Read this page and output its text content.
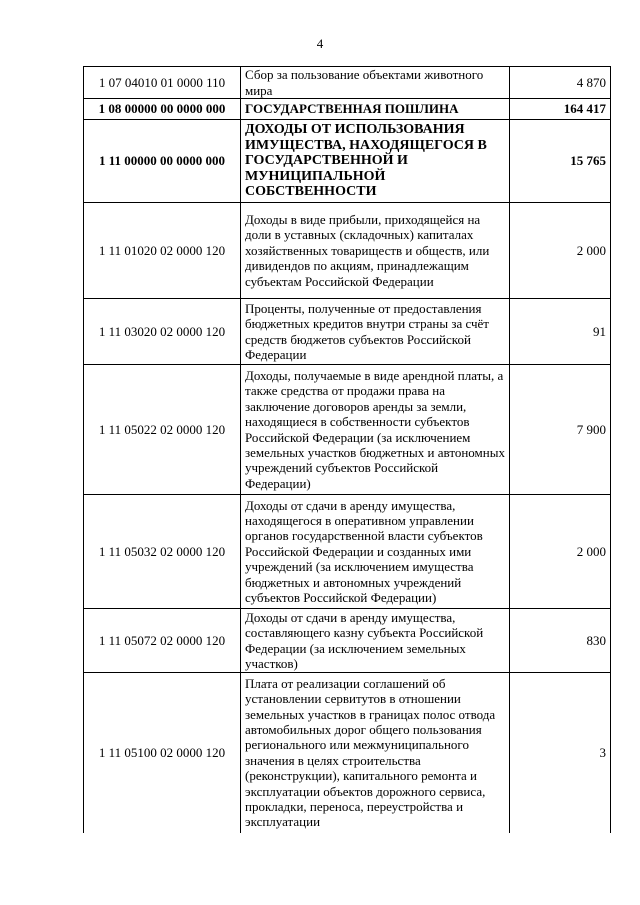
4
1 07 04010 01 0000 110	Сбор за пользование объектами животного мира	4 870
1 08 00000 00 0000 000	ГОСУДАРСТВЕННАЯ ПОШЛИНА	164 417
1 11 00000 00 0000 000	ДОХОДЫ ОТ ИСПОЛЬЗОВАНИЯ ИМУЩЕСТВА, НАХОДЯЩЕГОСЯ В ГОСУДАРСТВЕННОЙ И МУНИЦИПАЛЬНОЙ СОБСТВЕННОСТИ	15 765
1 11 01020 02 0000 120	Доходы в виде прибыли, приходящейся на доли в уставных (складочных) капиталах хозяйственных товариществ и обществ, или дивидендов по акциям, принадлежащим субъектам Российской Федерации	2 000
1 11 03020 02 0000 120	Проценты, полученные от предоставления бюджетных кредитов внутри страны за счёт средств бюджетов субъектов Российской Федерации	91
1 11 05022 02 0000 120	Доходы, получаемые в виде арендной платы, а также средства от продажи права на заключение договоров аренды за земли, находящиеся в собственности субъектов Российской Федерации (за исключением земельных участков бюджетных и автономных учреждений субъектов Российской Федерации)	7 900
1 11 05032 02 0000 120	Доходы от сдачи в аренду имущества, находящегося в оперативном управлении органов государственной власти субъектов Российской Федерации и созданных ими учреждений (за исключением имущества бюджетных и автономных учреждений субъектов Российской Федерации)	2 000
1 11 05072 02 0000 120	Доходы от сдачи в аренду имущества, составляющего казну субъекта Российской Федерации (за исключением земельных участков)	830
1 11 05100 02 0000 120	Плата от реализации соглашений об установлении сервитутов в отношении земельных участков в границах полос отвода автомобильных дорог общего пользования регионального или межмуниципального значения в целях строительства (реконструкции), капитального ремонта и эксплуатации объектов дорожного сервиса, прокладки, переноса, переустройства и эксплуатации	3
